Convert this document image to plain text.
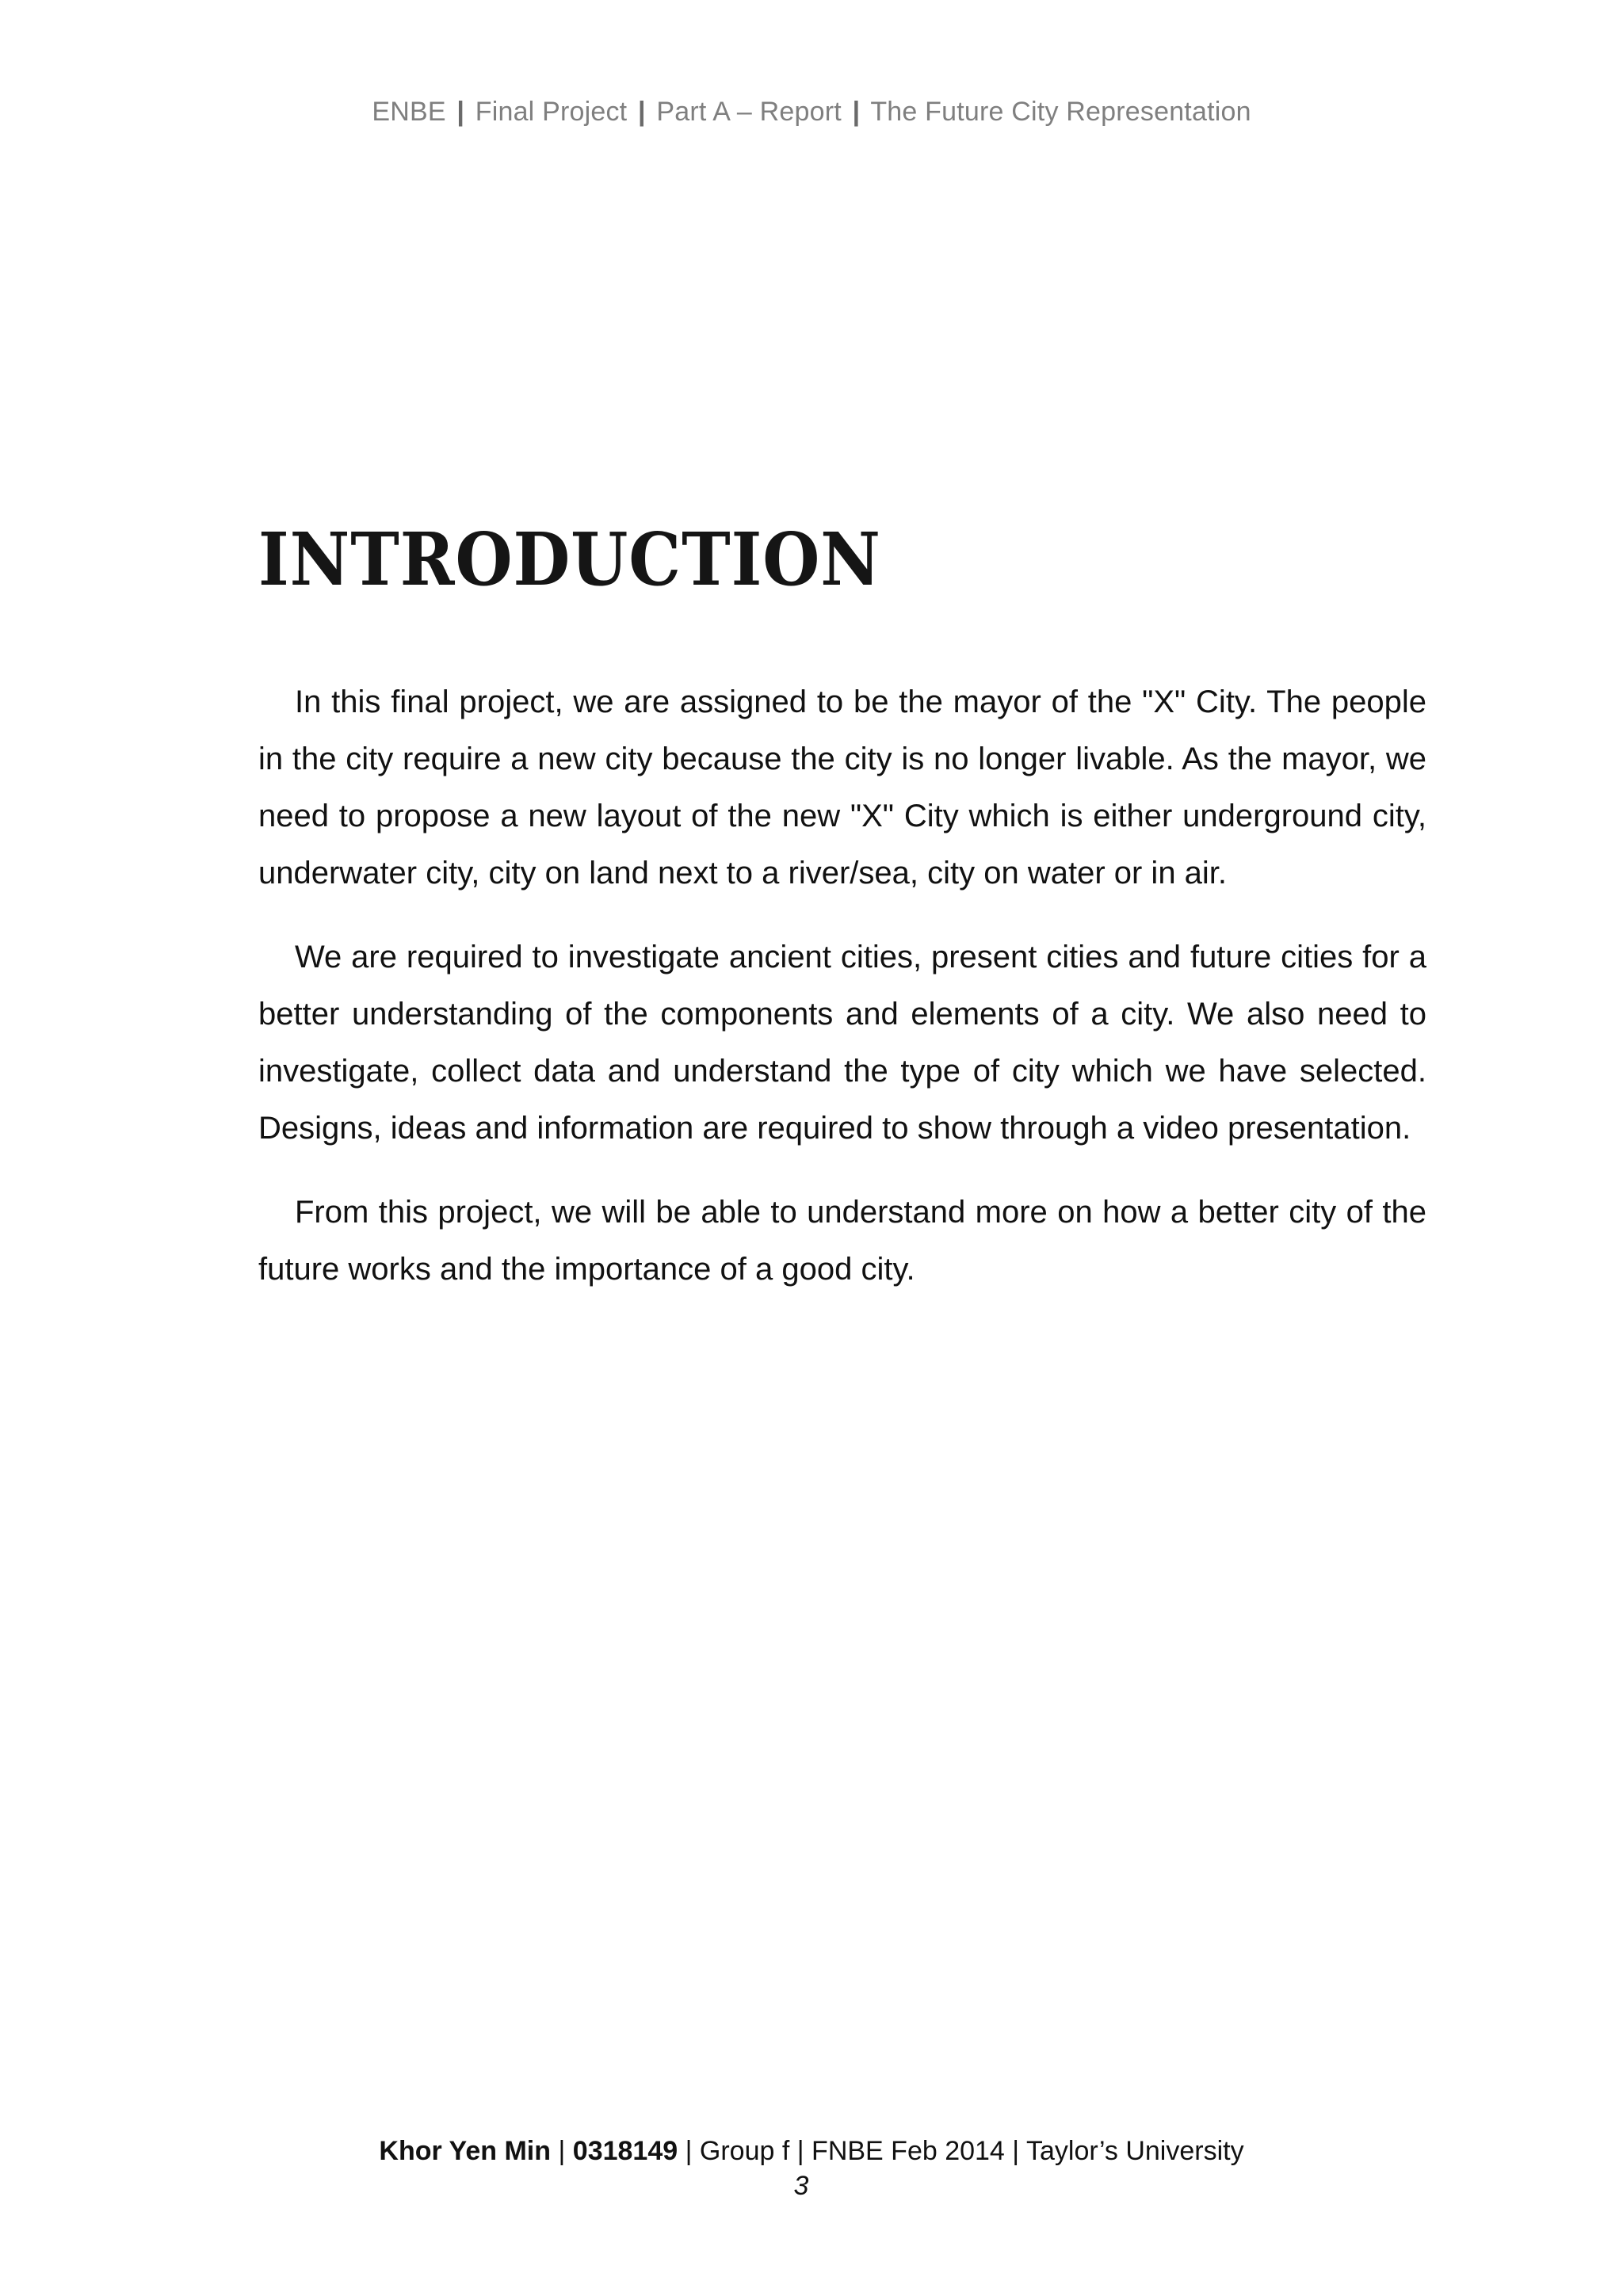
ENBE | Final Project | Part A – Report | The Future City Representation
INTRODUCTION

In this final project, we are assigned to be the mayor of the "X" City. The people in the city require a new city because the city is no longer livable. As the mayor, we need to propose a new layout of the new "X" City which is either underground city, underwater city, city on land next to a river/sea, city on water or in air.

We are required to investigate ancient cities, present cities and future cities for a better understanding of the components and elements of a city. We also need to investigate, collect data and understand the type of city which we have selected. Designs, ideas and information are required to show through a video presentation.

From this project, we will be able to understand more on how a better city of the future works and the importance of a good city.

Khor Yen Min | 0318149 | Group f | FNBE Feb 2014 | Taylor’s University
3
